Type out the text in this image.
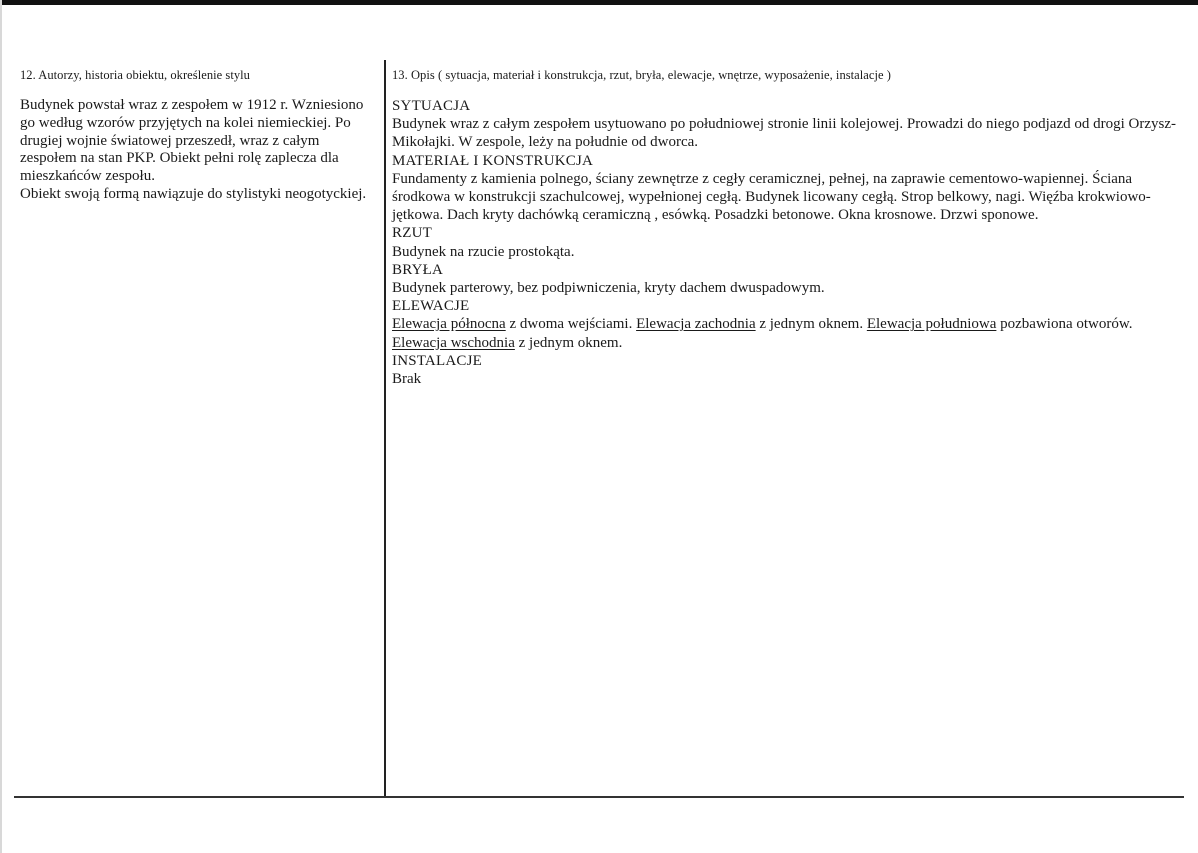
12. Autorzy, historia obiektu, określenie stylu

Budynek powstał wraz z zespołem w 1912 r. Wzniesiono go według wzorów przyjętych na kolei niemieckiej. Po drugiej wojnie światowej przeszedł, wraz z całym zespołem na stan PKP. Obiekt pełni rolę zaplecza dla mieszkańców zespołu.

Obiekt swoją formą nawiązuje do stylistyki neogotyckiej.

13. Opis ( sytuacja, materiał i konstrukcja, rzut, bryła, elewacje, wnętrze, wyposażenie, instalacje )

SYTUACJA

Budynek wraz z całym zespołem usytuowano po południowej stronie linii kolejowej. Prowadzi do niego podjazd od drogi Orzysz-Mikołajki. W zespole, leży na południe od dworca.

MATERIAŁ I KONSTRUKCJA

Fundamenty z kamienia polnego, ściany zewnętrze z cegły ceramicznej, pełnej, na zaprawie cementowo-wapiennej. Ściana środkowa w konstrukcji szachulcowej, wypełnionej cegłą. Budynek licowany cegłą. Strop belkowy, nagi. Więźba krokwiowo-jętkowa. Dach kryty dachówką ceramiczną , esówką. Posadzki betonowe. Okna krosnowe. Drzwi sponowe.

RZUT

Budynek na rzucie prostokąta.

BRYŁA

Budynek parterowy, bez podpiwniczenia, kryty dachem dwuspadowym.

ELEWACJE

Elewacja północna z dwoma wejściami. Elewacja zachodnia z jednym oknem. Elewacja południowa pozbawiona otworów. Elewacja wschodnia z jednym oknem.

INSTALACJE

Brak
